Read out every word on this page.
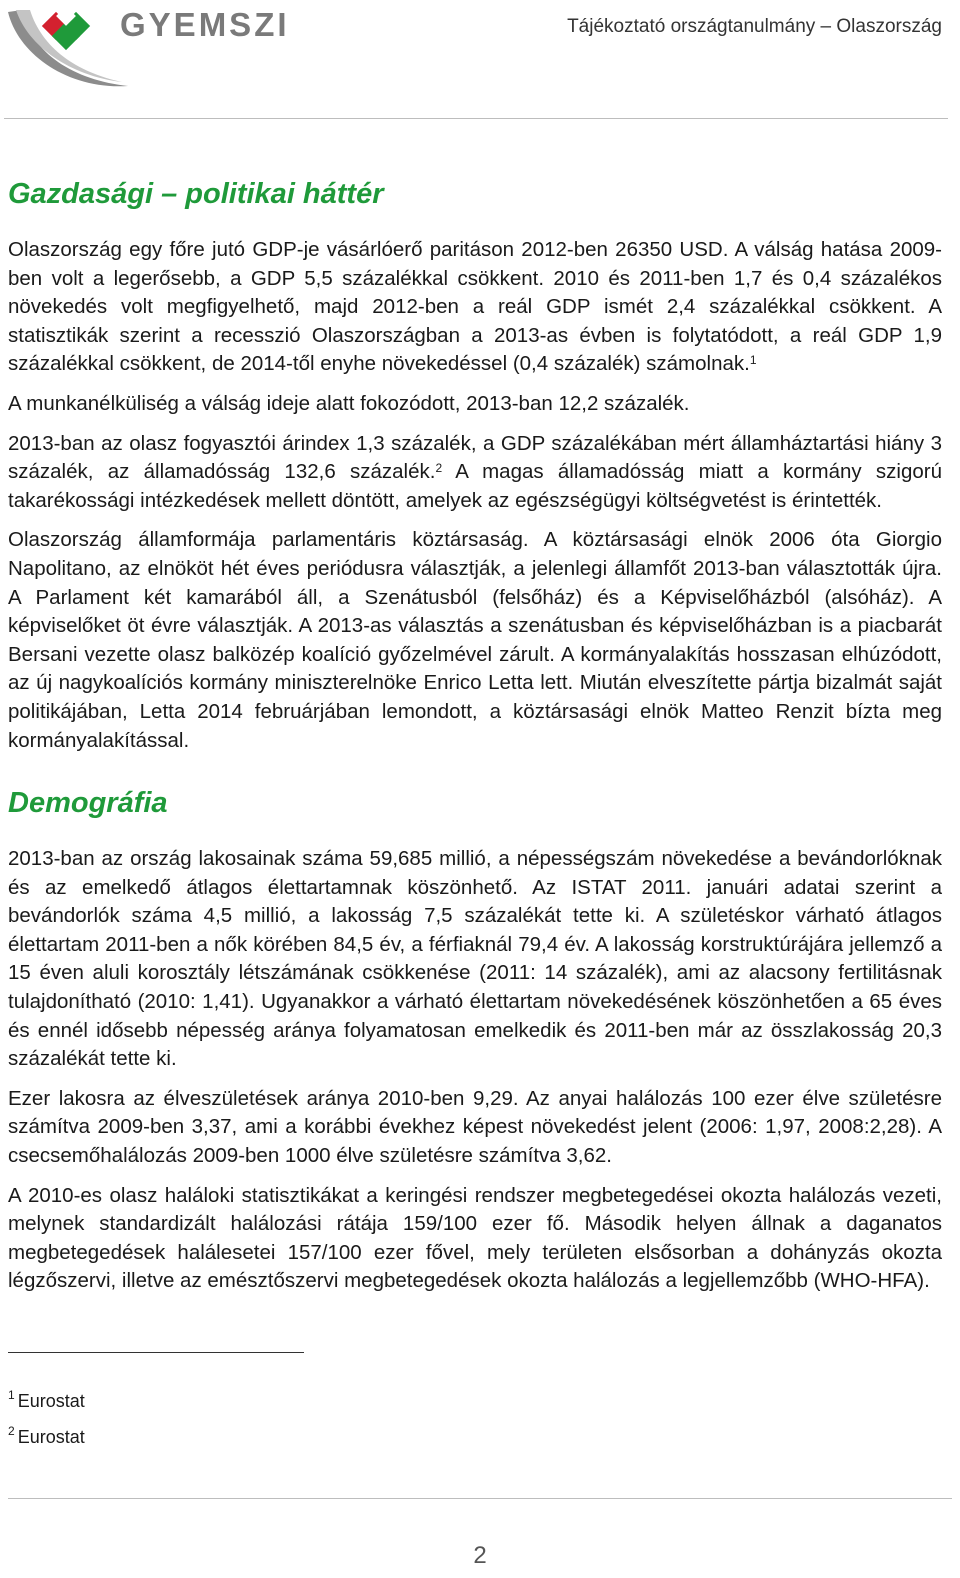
GYEMSZI	Tájékoztató országtanulmány – Olaszország
Gazdasági – politikai háttér

Olaszország egy főre jutó GDP-je vásárlóerő paritáson 2012-ben 26350 USD. A válság hatása 2009-ben volt a legerősebb, a GDP 5,5 százalékkal csökkent. 2010 és 2011-ben 1,7 és 0,4 százalékos növekedés volt megfigyelhető, majd 2012-ben a reál GDP ismét 2,4 százalékkal csökkent. A statisztikák szerint a recesszió Olaszországban a 2013-as évben is folytatódott, a reál GDP 1,9 százalékkal csökkent, de 2014-től enyhe növekedéssel (0,4 százalék) számolnak.$^1$

A munkanélküliség a válság ideje alatt fokozódott, 2013-ban 12,2 százalék.

2013-ban az olasz fogyasztói árindex 1,3 százalék, a GDP százalékában mért államháztartási hiány 3 százalék, az államadósság 132,6 százalék.$^2$ A magas államadósság miatt a kormány szigorú takarékossági intézkedések mellett döntött, amelyek az egészségügyi költségvetést is érintették.

Olaszország államformája parlamentáris köztársaság. A köztársasági elnök 2006 óta Giorgio Napolitano, az elnököt hét éves periódusra választják, a jelenlegi államfőt 2013-ban választották újra. A Parlament két kamarából áll, a Szenátusból (felsőház) és a Képviselőházból (alsóház). A képviselőket öt évre választják. A 2013-as választás a szenátusban és képviselőházban is a piacbarát Bersani vezette olasz balközép koalíció győzelmével zárult. A kormányalakítás hosszasan elhúzódott, az új nagykoalíciós kormány miniszterelnöke Enrico Letta lett. Miután elveszítette pártja bizalmát saját politikájában, Letta 2014 februárjában lemondott, a köztársasági elnök Matteo Renzit bízta meg kormányalakítással.

Demográfia

2013-ban az ország lakosainak száma 59,685 millió, a népességszám növekedése a bevándorlóknak és az emelkedő átlagos élettartamnak köszönhető. Az ISTAT 2011. januári adatai szerint a bevándorlók száma 4,5 millió, a lakosság 7,5 százalékát tette ki. A születéskor várható átlagos élettartam 2011-ben a nők körében 84,5 év, a férfiaknál 79,4 év. A lakosság korstruktúrájára jellemző a 15 éven aluli korosztály létszámának csökkenése (2011: 14 százalék), ami az alacsony fertilitásnak tulajdonítható (2010: 1,41). Ugyanakkor a várható élettartam növekedésének köszönhetően a 65 éves és ennél idősebb népesség aránya folyamatosan emelkedik és 2011-ben már az összlakosság 20,3 százalékát tette ki.

Ezer lakosra az élveszületések aránya 2010-ben 9,29. Az anyai halálozás 100 ezer élve születésre számítva 2009-ben 3,37, ami a korábbi évekhez képest növekedést jelent (2006: 1,97, 2008:2,28). A csecsemőhalálozás 2009-ben 1000 élve születésre számítva 3,62.

A 2010-es olasz haláloki statisztikákat a keringési rendszer megbetegedései okozta halálozás vezeti, melynek standardizált halálozási rátája 159/100 ezer fő. Második helyen állnak a daganatos megbetegedések halálesetei 157/100 ezer fővel, mely területen elsősorban a dohányzás okozta légzőszervi, illetve az emésztőszervi megbetegedések okozta halálozás a legjellemzőbb (WHO-HFA).

$^1$ Eurostat
$^2$ Eurostat
2
